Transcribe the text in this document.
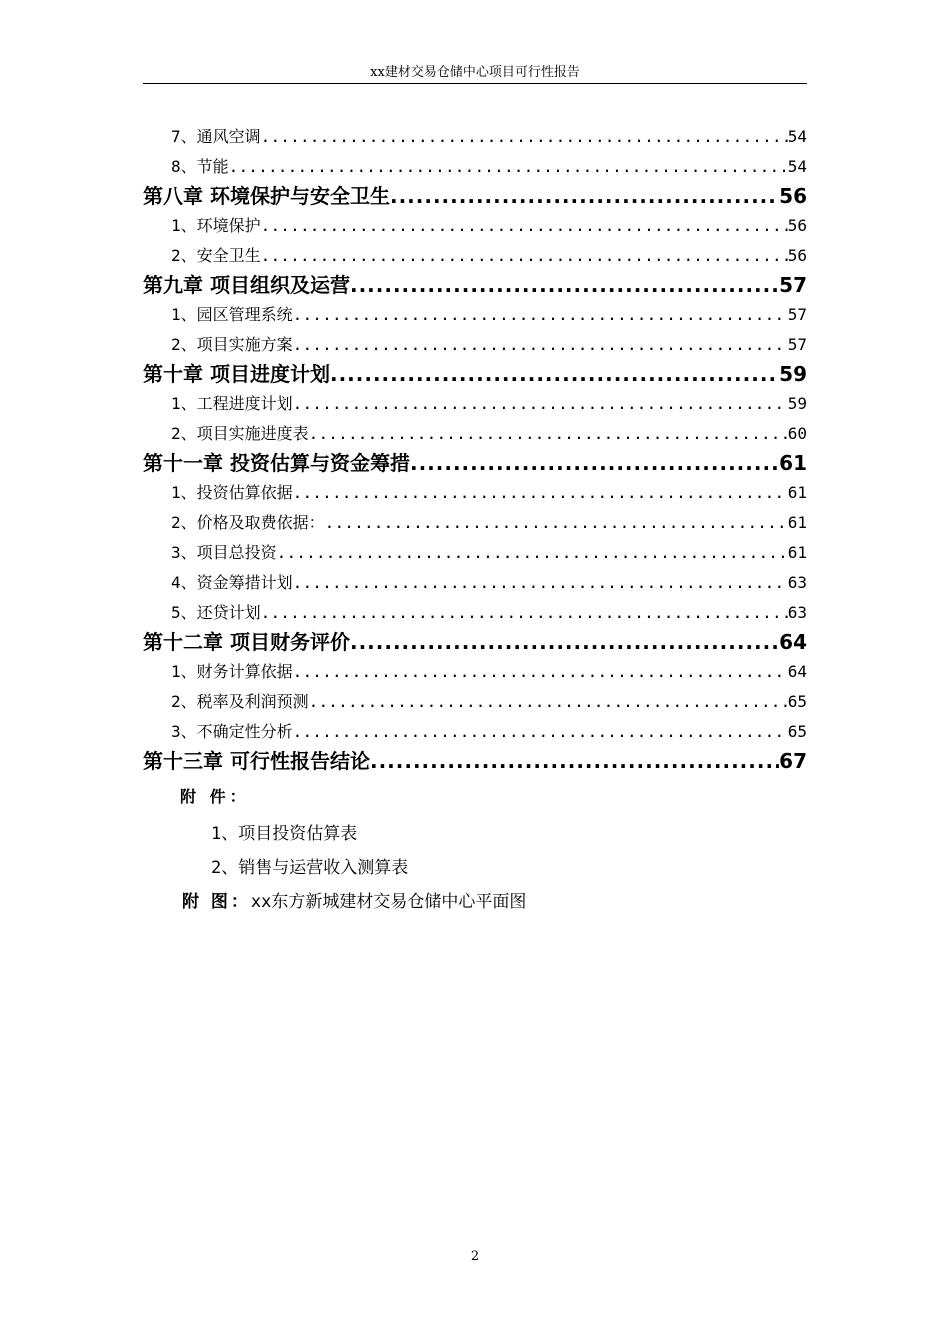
xx建材交易仓储中心项目可行性报告
7、通风空调 .....	54
8、节能 .....	54
第八章 环境保护与安全卫生 .....	56
1、环境保护 .....	56
2、安全卫生 .....	56
第九章 项目组织及运营 .....	57
1、园区管理系统 .....	57
2、项目实施方案 .....	57
第十章 项目进度计划 .....	59
1、工程进度计划 .....	59
2、项目实施进度表 .....	60
第十一章 投资估算与资金筹措 .....	61
1、投资估算依据 .....	61
2、价格及取费依据： .....	61
3、项目总投资 .....	61
4、资金筹措计划 .....	63
5、还贷计划 .....	63
第十二章 项目财务评价 .....	64
1、财务计算依据 .....	64
2、税率及利润预测 .....	65
3、不确定性分析 .....	65
第十三章 可行性报告结论 .....	67
附 件：
1、项目投资估算表
2、销售与运营收入测算表
附 图：xx东方新城建材交易仓储中心平面图
2
